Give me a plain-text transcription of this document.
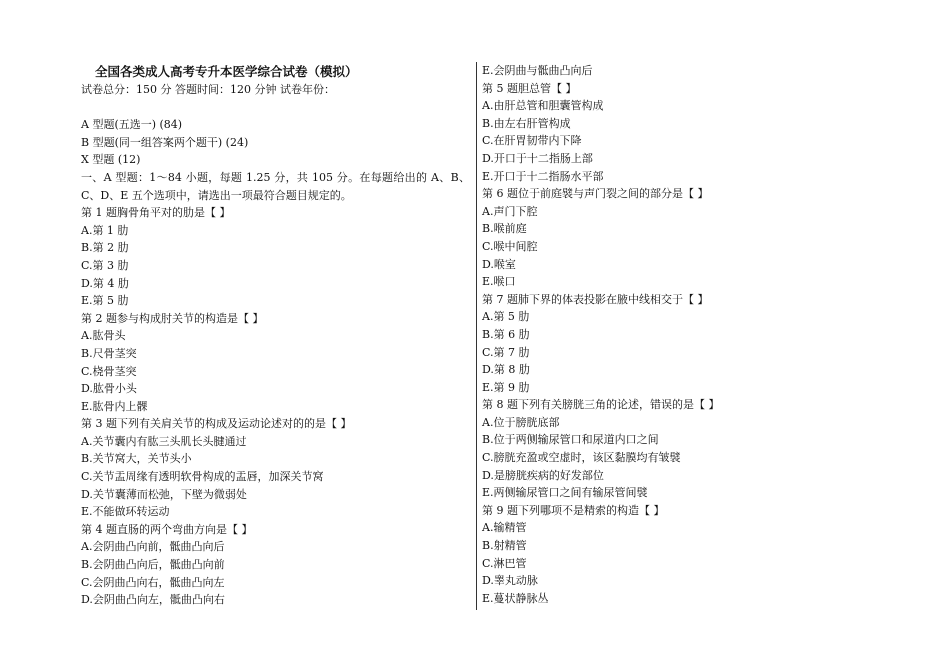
全国各类成人高考专升本医学综合试卷（模拟）
试卷总分：150 分 答题时间：120 分钟 试卷年份：
A 型题(五选一) (84)
B 型题(同一组答案两个题干) (24)
X 型题 (12)
一、A 型题：1～84 小题，每题 1.25 分，共 105 分。在每题给出的 A、B、C、D、E 五个选项中，请选出一项最符合题目规定的。
第 1 题胸骨角平对的肋是【 】
A.第 1 肋
B.第 2 肋
C.第 3 肋
D.第 4 肋
E.第 5 肋
第 2 题参与构成肘关节的构造是【 】
A.肱骨头
B.尺骨茎突
C.桡骨茎突
D.肱骨小头
E.肱骨内上髁
第 3 题下列有关肩关节的构成及运动论述对的的是【 】
A.关节囊内有肱三头肌长头腱通过
B.关节窝大，关节头小
C.关节盂周缘有透明软骨构成的盂唇，加深关节窝
D.关节囊薄而松弛，下壁为微弱处
E.不能做环转运动
第 4 题直肠的两个弯曲方向是【 】
A.会阴曲凸向前，骶曲凸向后
B.会阴曲凸向后，骶曲凸向前
C.会阴曲凸向右，骶曲凸向左
D.会阴曲凸向左，骶曲凸向右
E.会阴曲与骶曲凸向后
第 5 题胆总管【 】
A.由肝总管和胆囊管构成
B.由左右肝管构成
C.在肝胃韧带内下降
D.开口于十二指肠上部
E.开口于十二指肠水平部
第 6 题位于前庭襞与声门裂之间的部分是【 】
A.声门下腔
B.喉前庭
C.喉中间腔
D.喉室
E.喉口
第 7 题肺下界的体表投影在腋中线相交于【 】
A.第 5 肋
B.第 6 肋
C.第 7 肋
D.第 8 肋
E.第 9 肋
第 8 题下列有关膀胱三角的论述，错误的是【 】
A.位于膀胱底部
B.位于两侧输尿管口和尿道内口之间
C.膀胱充盈或空虚时，该区黏膜均有皱襞
D.是膀胱疾病的好发部位
E.两侧输尿管口之间有输尿管间襞
第 9 题下列哪项不是精索的构造【 】
A.输精管
B.射精管
C.淋巴管
D.睾丸动脉
E.蔓状静脉丛
